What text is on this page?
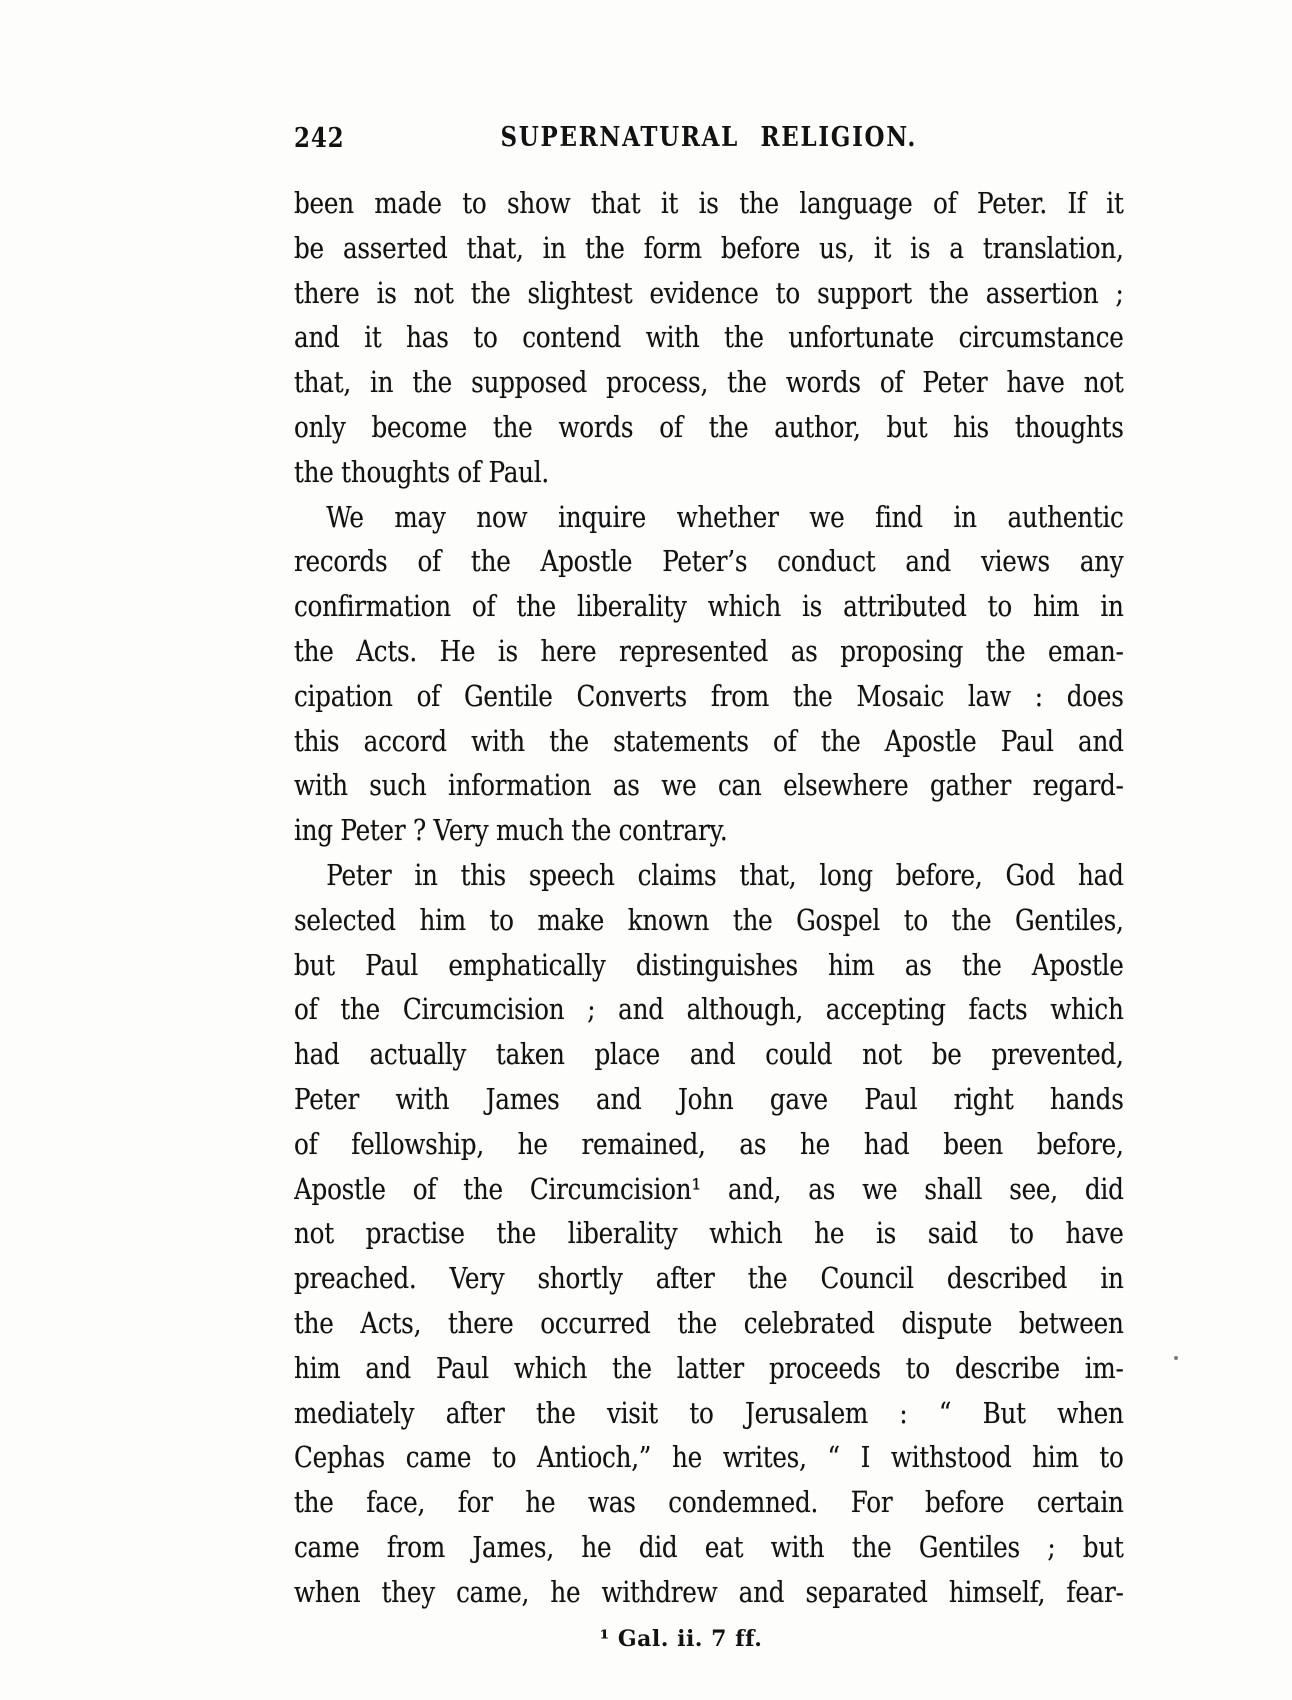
242	SUPERNATURAL RELIGION.
been made to show that it is the language of Peter. If it
be asserted that, in the form before us, it is a translation,
there is not the slightest evidence to support the assertion ;
and it has to contend with the unfortunate circumstance
that, in the supposed process, the words of Peter have not
only become the words of the author, but his thoughts
the thoughts of Paul.
We may now inquire whether we find in authentic
records of the Apostle Peter’s conduct and views any
confirmation of the liberality which is attributed to him in
the Acts. He is here represented as proposing the eman-
cipation of Gentile Converts from the Mosaic law : does
this accord with the statements of the Apostle Paul and
with such information as we can elsewhere gather regard-
ing Peter ? Very much the contrary.
Peter in this speech claims that, long before, God had
selected him to make known the Gospel to the Gentiles,
but Paul emphatically distinguishes him as the Apostle
of the Circumcision ; and although, accepting facts which
had actually taken place and could not be prevented,
Peter with James and John gave Paul right hands
of fellowship, he remained, as he had been before,
Apostle of the Circumcision¹ and, as we shall see, did
not practise the liberality which he is said to have
preached. Very shortly after the Council described in
the Acts, there occurred the celebrated dispute between
him and Paul which the latter proceeds to describe im-
mediately after the visit to Jerusalem : “ But when
Cephas came to Antioch,” he writes, “ I withstood him to
the face, for he was condemned. For before certain
came from James, he did eat with the Gentiles ; but
when they came, he withdrew and separated himself, fear-
¹ Gal. ii. 7 ff.
